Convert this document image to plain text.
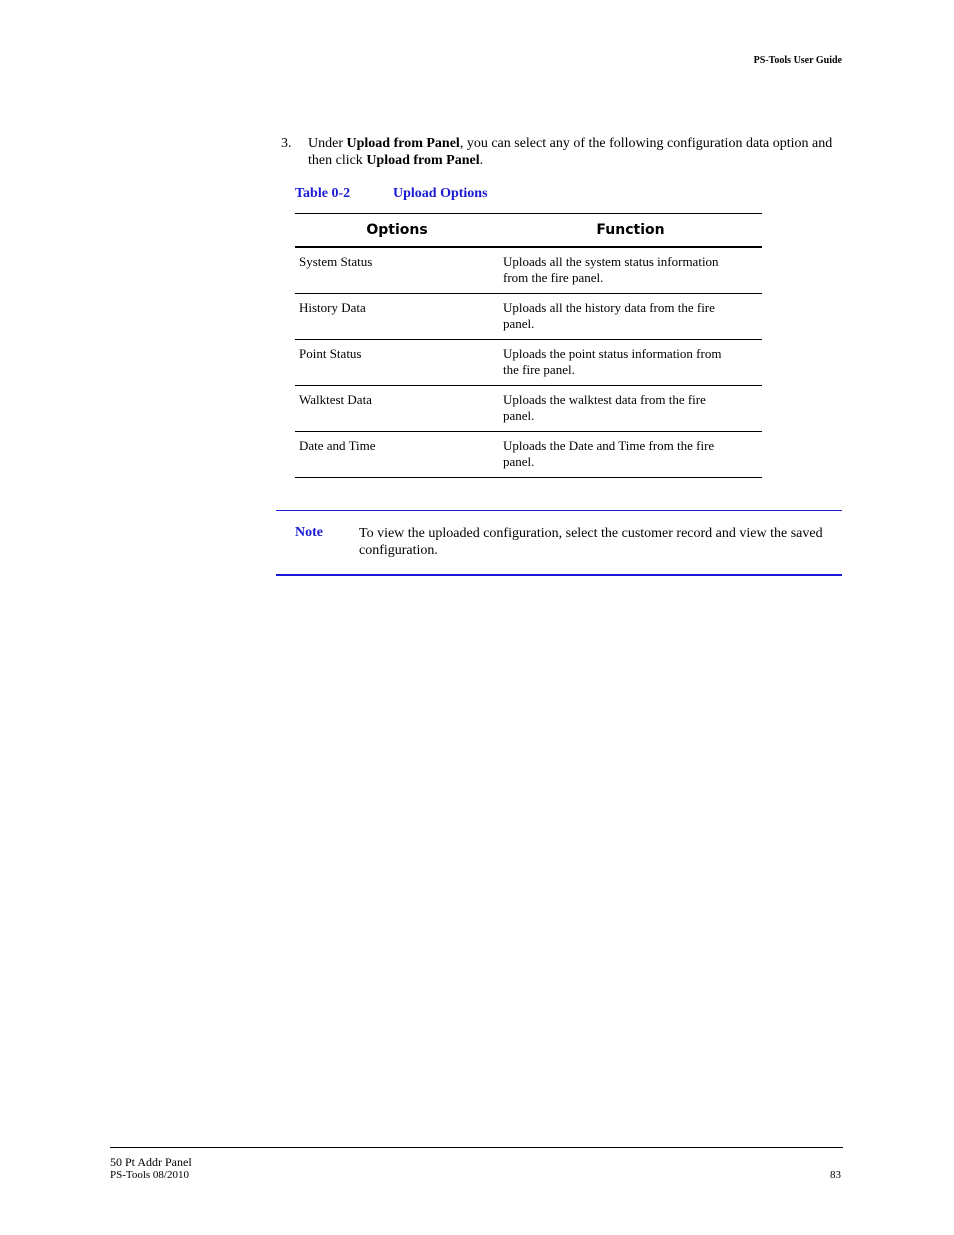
PS-Tools User Guide
3. Under Upload from Panel, you can select any of the following configuration data option and then click Upload from Panel.
Table 0-2	Upload Options
Options	Function
System Status	Uploads all the system status information from the fire panel.
History Data	Uploads all the history data from the fire panel.
Point Status	Uploads the point status information from the fire panel.
Walktest Data	Uploads the walktest data from the fire panel.
Date and Time	Uploads the Date and Time from the fire panel.
Note	To view the uploaded configuration, select the customer record and view the saved configuration.
50 Pt Addr Panel
PS-Tools 08/2010	83
